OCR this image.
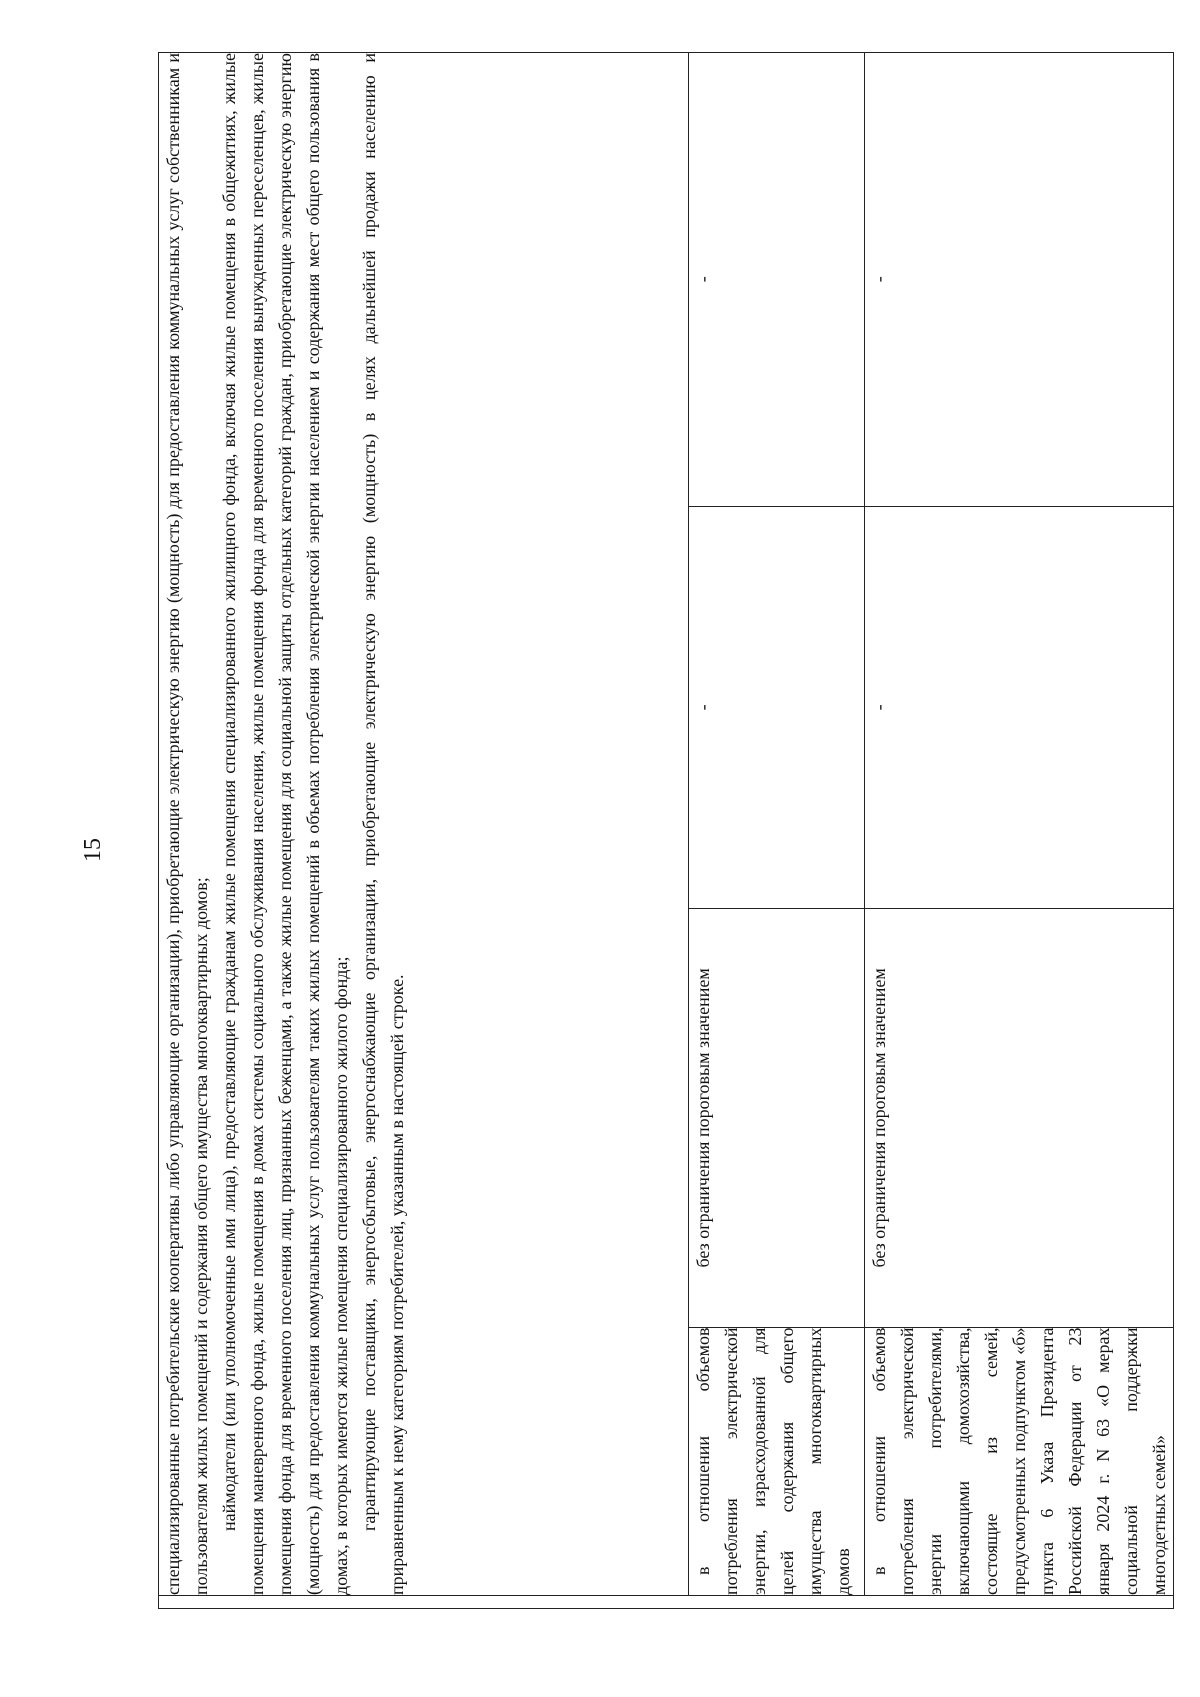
15

	специализированные потребительские кооперативы либо управляющие организации), приобретающие электрическую энергию (мощность) для предоставления коммунальных услуг собственникам и пользователям жилых помещений и содержания общего имущества многоквартирных домов; наймодатели (или уполномоченные ими лица), предоставляющие гражданам жилые помещения специализированного жилищного фонда, включая жилые помещения в общежитиях, жилые помещения маневренного фонда, жилые помещения в домах системы социального обслуживания населения, жилые помещения фонда для временного поселения вынужденных переселенцев, жилые помещения фонда для временного поселения лиц, признанных беженцами, а также жилые помещения для социальной защиты отдельных категорий граждан, приобретающие электрическую энергию (мощность) для предоставления коммунальных услуг пользователям таких жилых помещений в объемах потребления электрической энергии населением и содержания мест общего пользования в домах, в которых имеются жилые помещения специализированного жилого фонда; гарантирующие поставщики, энергосбытовые, энергоснабжающие организации, приобретающие электрическую энергию (мощность) в целях дальнейшей продажи населению и приравненным к нему категориям потребителей, указанным в настоящей строке.			

	в отношении объемов потребления электрической энергии, израсходованной для целей содержания общего имущества многоквартирных домов	без ограничения пороговым значением	-	-
	в отношении объемов потребления электрической энергии потребителями, включающими домохозяйства, состоящие из семей, предусмотренных подпунктом «б» пункта 6 Указа Президента Российской Федерации от 23 января 2024 г. N 63 «О мерах социальной поддержки многодетных семей»	без ограничения пороговым значением	-	-
